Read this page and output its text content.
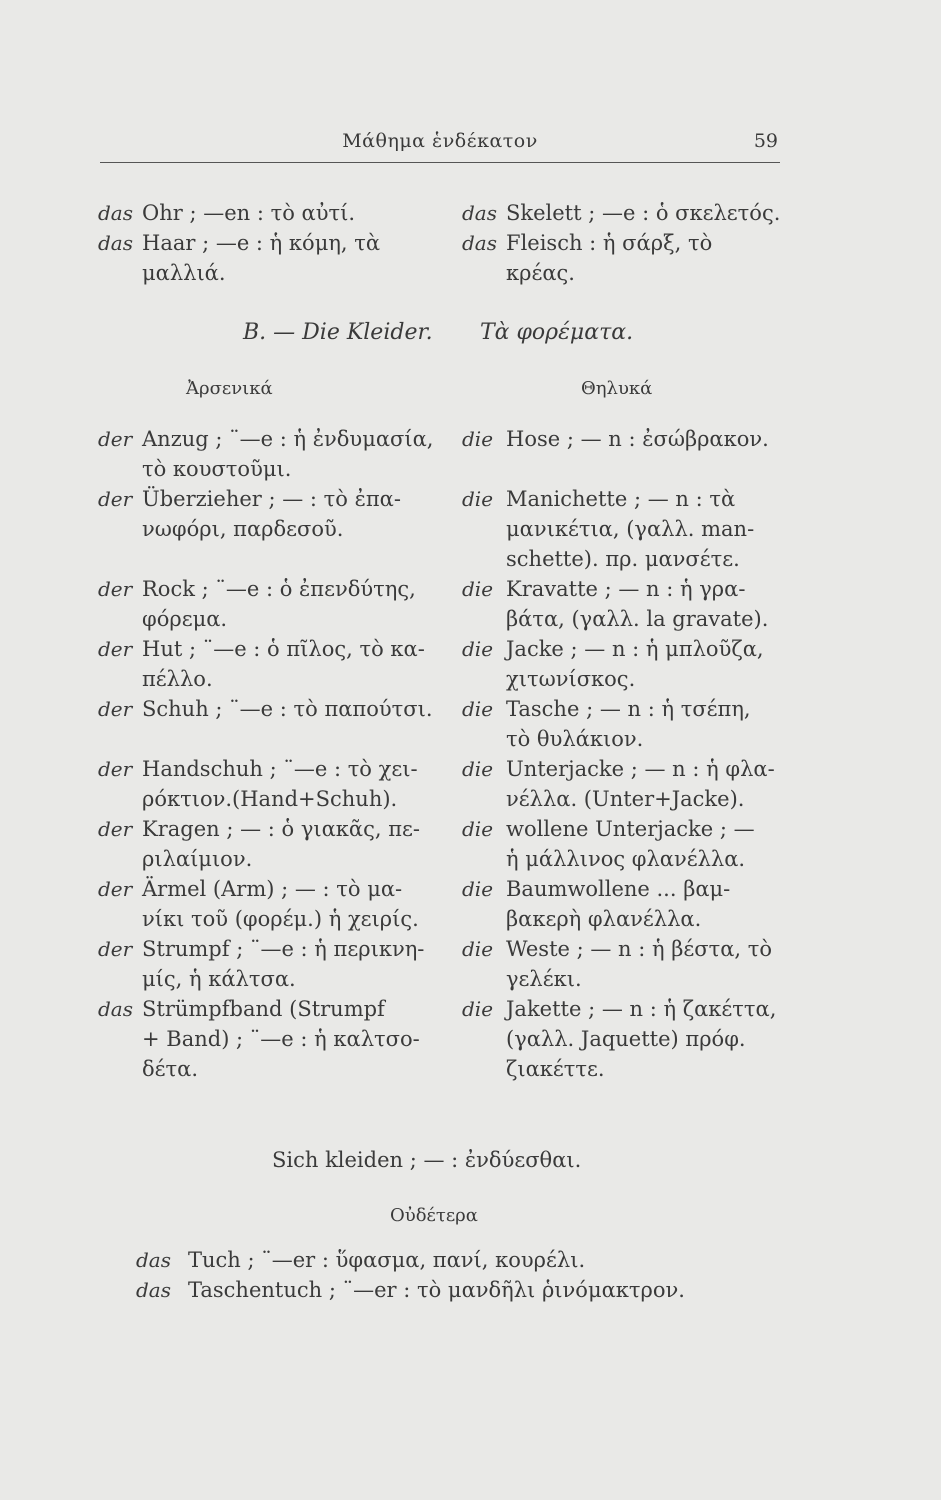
Μάθημα ἑνδέκατον	59
das Ohr ; —en : τὸ αὐτί.
das Haar ; —e : ἡ κόμη, τὰ
μαλλιά.
das Skelett ; —e : ὁ σκελετός.
das Fleisch : ἡ σάρξ, τὸ
κρέας.
B. — Die Kleider. Τὰ φορέματα.
Ἀρσενικά	Θηλυκά
der Anzug ; ¨—e : ἡ ἐνδυμασία,
τὸ κουστοῦμι.
der Überzieher ; — : τὸ ἐπα-
νωφόρι, παρδεσοῦ.
der Rock ; ¨—e : ὁ ἐπενδύτης,
φόρεμα.
der Hut ; ¨—e : ὁ πῖλος, τὸ κα-
πέλλο.
der Schuh ; ¨—e : τὸ παπούτσι.
der Handschuh ; ¨—e : τὸ χει-
ρόκτιον.(Hand+Schuh).
der Kragen ; — : ὁ γιακᾶς, πε-
ριλαίμιον.
der Ärmel (Arm) ; — : τὸ μα-
νίκι τοῦ (φορέμ.) ἡ χειρίς.
der Strumpf ; ¨—e : ἡ περικνη-
μίς, ἡ κάλτσα.
das Strümpfband (Strumpf
+ Band) ; ¨—e : ἡ καλτσο-
δέτα.
die Hose ; — n : ἐσώβρακον.
die Manichette ; — n : τὰ
μανικέτια, (γαλλ. man-
schette). πρ. μανσέτε.
die Kravatte ; — n : ἡ γρα-
βάτα, (γαλλ. la gravate).
die Jacke ; — n : ἡ μπλοῦζα,
χιτωνίσκος.
die Tasche ; — n : ἡ τσέπη,
τὸ θυλάκιον.
die Unterjacke ; — n : ἡ φλα-
νέλλα. (Unter+Jacke).
die wollene Unterjacke ; —
ἡ μάλλινος φλανέλλα.
die Baumwollene ... βαμ-
βακερὴ φλανέλλα.
die Weste ; — n : ἡ βέστα, τὸ
γελέκι.
die Jakette ; — n : ἡ ζακέττα,
(γαλλ. Jaquette) πρόφ.
ζιακέττε.
Sich kleiden ; — : ἐνδύεσθαι.
Οὐδέτερα
das Tuch ; ¨—er : ὕφασμα, πανί, κουρέλι.
das Taschentuch ; ¨—er : τὸ μανδῆλι ῥινόμακτρον.
